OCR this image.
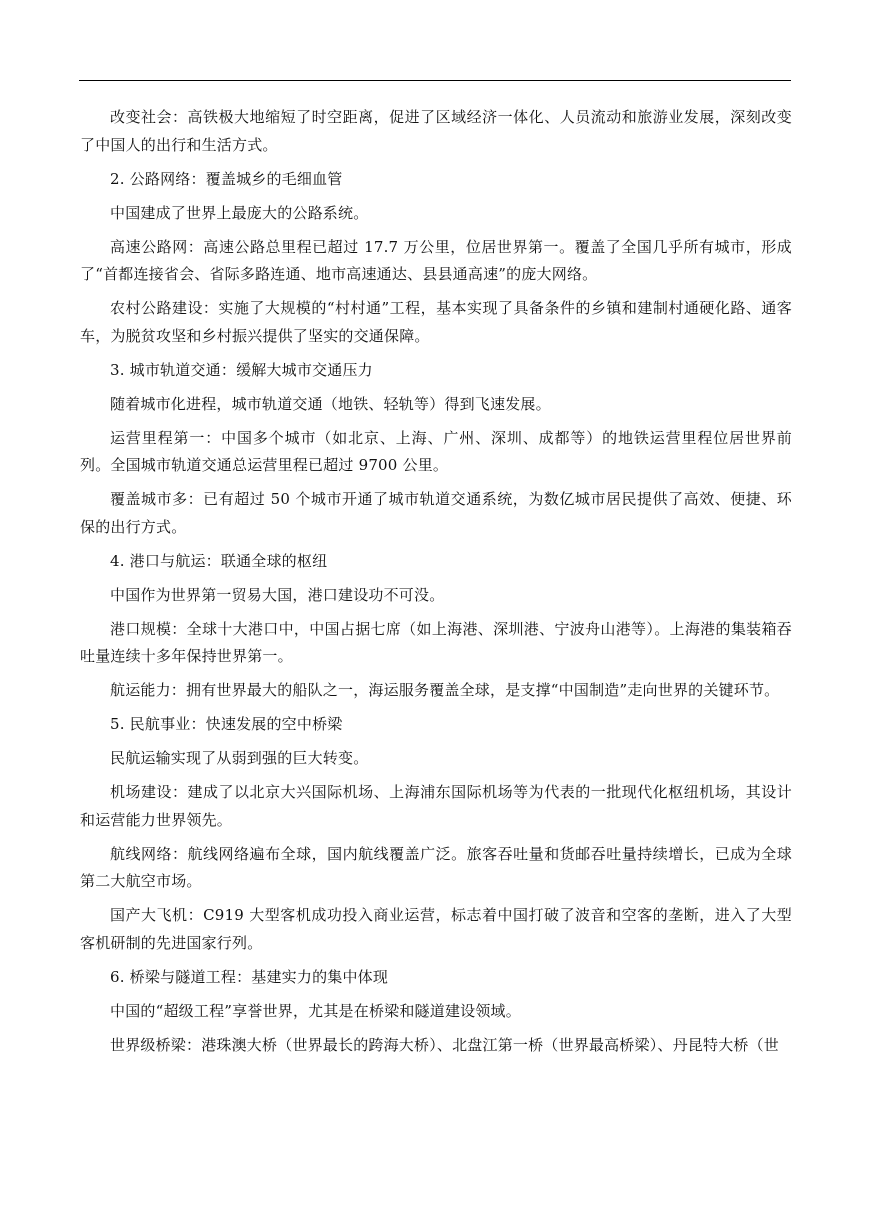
改变社会：高铁极大地缩短了时空距离，促进了区域经济一体化、人员流动和旅游业发展，深刻改变了中国人的出行和生活方式。

2. 公路网络：覆盖城乡的毛细血管

中国建成了世界上最庞大的公路系统。

高速公路网：高速公路总里程已超过 17.7 万公里，位居世界第一。覆盖了全国几乎所有城市，形成了“首都连接省会、省际多路连通、地市高速通达、县县通高速”的庞大网络。

农村公路建设：实施了大规模的“村村通”工程，基本实现了具备条件的乡镇和建制村通硬化路、通客车，为脱贫攻坚和乡村振兴提供了坚实的交通保障。

3. 城市轨道交通：缓解大城市交通压力

随着城市化进程，城市轨道交通（地铁、轻轨等）得到飞速发展。

运营里程第一：中国多个城市（如北京、上海、广州、深圳、成都等）的地铁运营里程位居世界前列。全国城市轨道交通总运营里程已超过 9700 公里。

覆盖城市多：已有超过 50 个城市开通了城市轨道交通系统，为数亿城市居民提供了高效、便捷、环保的出行方式。

4. 港口与航运：联通全球的枢纽

中国作为世界第一贸易大国，港口建设功不可没。

港口规模：全球十大港口中，中国占据七席（如上海港、深圳港、宁波舟山港等）。上海港的集装箱吞吐量连续十多年保持世界第一。

航运能力：拥有世界最大的船队之一，海运服务覆盖全球，是支撑“中国制造”走向世界的关键环节。

5. 民航事业：快速发展的空中桥梁

民航运输实现了从弱到强的巨大转变。

机场建设：建成了以北京大兴国际机场、上海浦东国际机场等为代表的一批现代化枢纽机场，其设计和运营能力世界领先。

航线网络：航线网络遍布全球，国内航线覆盖广泛。旅客吞吐量和货邮吞吐量持续增长，已成为全球第二大航空市场。

国产大飞机：C919 大型客机成功投入商业运营，标志着中国打破了波音和空客的垄断，进入了大型客机研制的先进国家行列。

6. 桥梁与隧道工程：基建实力的集中体现

中国的“超级工程”享誉世界，尤其是在桥梁和隧道建设领域。

世界级桥梁：港珠澳大桥（世界最长的跨海大桥）、北盘江第一桥（世界最高桥梁）、丹昆特大桥（世
